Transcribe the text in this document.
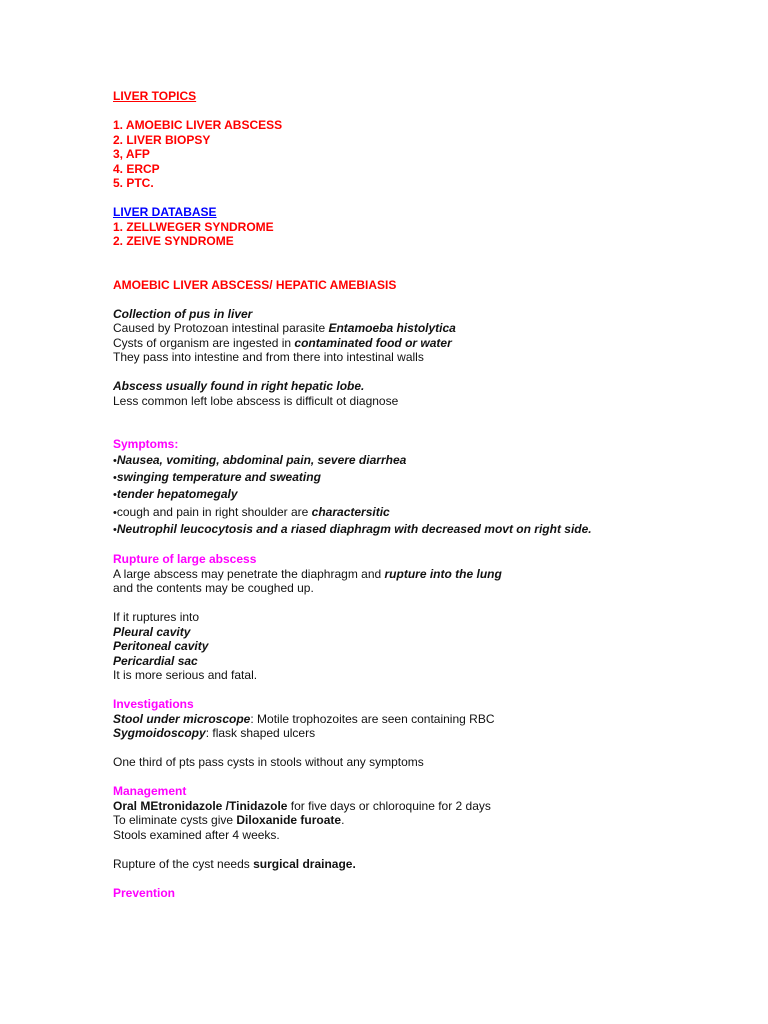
LIVER TOPICS
1. AMOEBIC LIVER ABSCESS
2. LIVER BIOPSY
3, AFP
4. ERCP
5. PTC.
LIVER DATABASE
1. ZELLWEGER SYNDROME
2. ZEIVE SYNDROME
AMOEBIC LIVER ABSCESS/ HEPATIC AMEBIASIS
Collection of pus in liver
Caused by Protozoan intestinal parasite Entamoeba histolytica
Cysts of organism are ingested in contaminated food or water
They pass into intestine and from there into intestinal walls
Abscess usually found in right hepatic lobe.
Less common left lobe abscess is difficult ot diagnose
Symptoms:
•Nausea, vomiting, abdominal pain, severe diarrhea
•swinging temperature and sweating
•tender hepatomegaly
•cough and pain in right shoulder are charactersitic
•Neutrophil leucocytosis and a riased diaphragm with decreased movt on right side.
Rupture of large abscess
A large abscess may penetrate the diaphragm and rupture into the lung
and the contents may be coughed up.
If it ruptures into
Pleural cavity
Peritoneal cavity
Pericardial sac
It is more serious and fatal.
Investigations
Stool under microscope: Motile trophozoites are seen containing RBC
Sygmoidoscopy: flask shaped ulcers
One third of pts pass cysts in stools without any symptoms
Management
Oral MEtronidazole /Tinidazole for five days or chloroquine for 2 days
To eliminate cysts give Diloxanide furoate.
Stools examined after 4 weeks.
Rupture of the cyst needs surgical drainage.
Prevention
